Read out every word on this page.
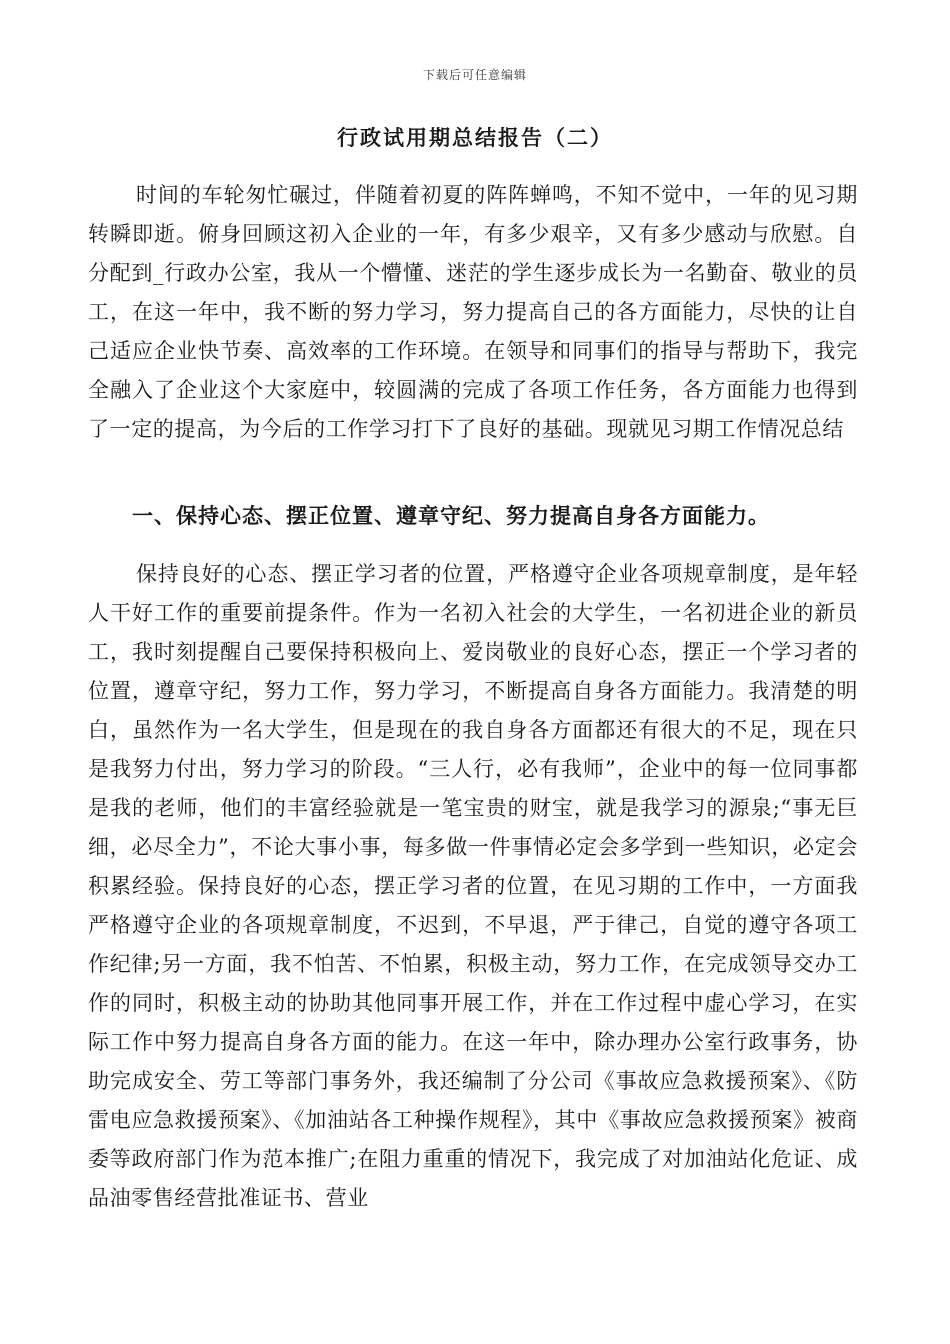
下载后可任意编辑
行政试用期总结报告（二）
时间的车轮匆忙碾过，伴随着初夏的阵阵蝉鸣，不知不觉中，一年的见习期转瞬即逝。俯身回顾这初入企业的一年，有多少艰辛，又有多少感动与欣慰。自分配到_行政办公室，我从一个懵懂、迷茫的学生逐步成长为一名勤奋、敬业的员工，在这一年中，我不断的努力学习，努力提高自己的各方面能力，尽快的让自己适应企业快节奏、高效率的工作环境。在领导和同事们的指导与帮助下，我完全融入了企业这个大家庭中，较圆满的完成了各项工作任务，各方面能力也得到了一定的提高，为今后的工作学习打下了良好的基础。现就见习期工作情况总结
一、保持心态、摆正位置、遵章守纪、努力提高自身各方面能力。
保持良好的心态、摆正学习者的位置，严格遵守企业各项规章制度，是年轻人干好工作的重要前提条件。作为一名初入社会的大学生，一名初进企业的新员工，我时刻提醒自己要保持积极向上、爱岗敬业的良好心态，摆正一个学习者的位置，遵章守纪，努力工作，努力学习，不断提高自身各方面能力。我清楚的明白，虽然作为一名大学生，但是现在的我自身各方面都还有很大的不足，现在只是我努力付出，努力学习的阶段。“三人行，必有我师”，企业中的每一位同事都是我的老师，他们的丰富经验就是一笔宝贵的财宝，就是我学习的源泉;“事无巨细，必尽全力”，不论大事小事，每多做一件事情必定会多学到一些知识，必定会积累经验。保持良好的心态，摆正学习者的位置，在见习期的工作中，一方面我严格遵守企业的各项规章制度，不迟到，不早退，严于律己，自觉的遵守各项工作纪律;另一方面，我不怕苦、不怕累，积极主动，努力工作，在完成领导交办工作的同时，积极主动的协助其他同事开展工作，并在工作过程中虚心学习，在实际工作中努力提高自身各方面的能力。在这一年中，除办理办公室行政事务，协助完成安全、劳工等部门事务外，我还编制了分公司《事故应急救援预案》、《防雷电应急救援预案》、《加油站各工种操作规程》，其中《事故应急救援预案》被商委等政府部门作为范本推广;在阻力重重的情况下，我完成了对加油站化危证、成品油零售经营批准证书、营业
